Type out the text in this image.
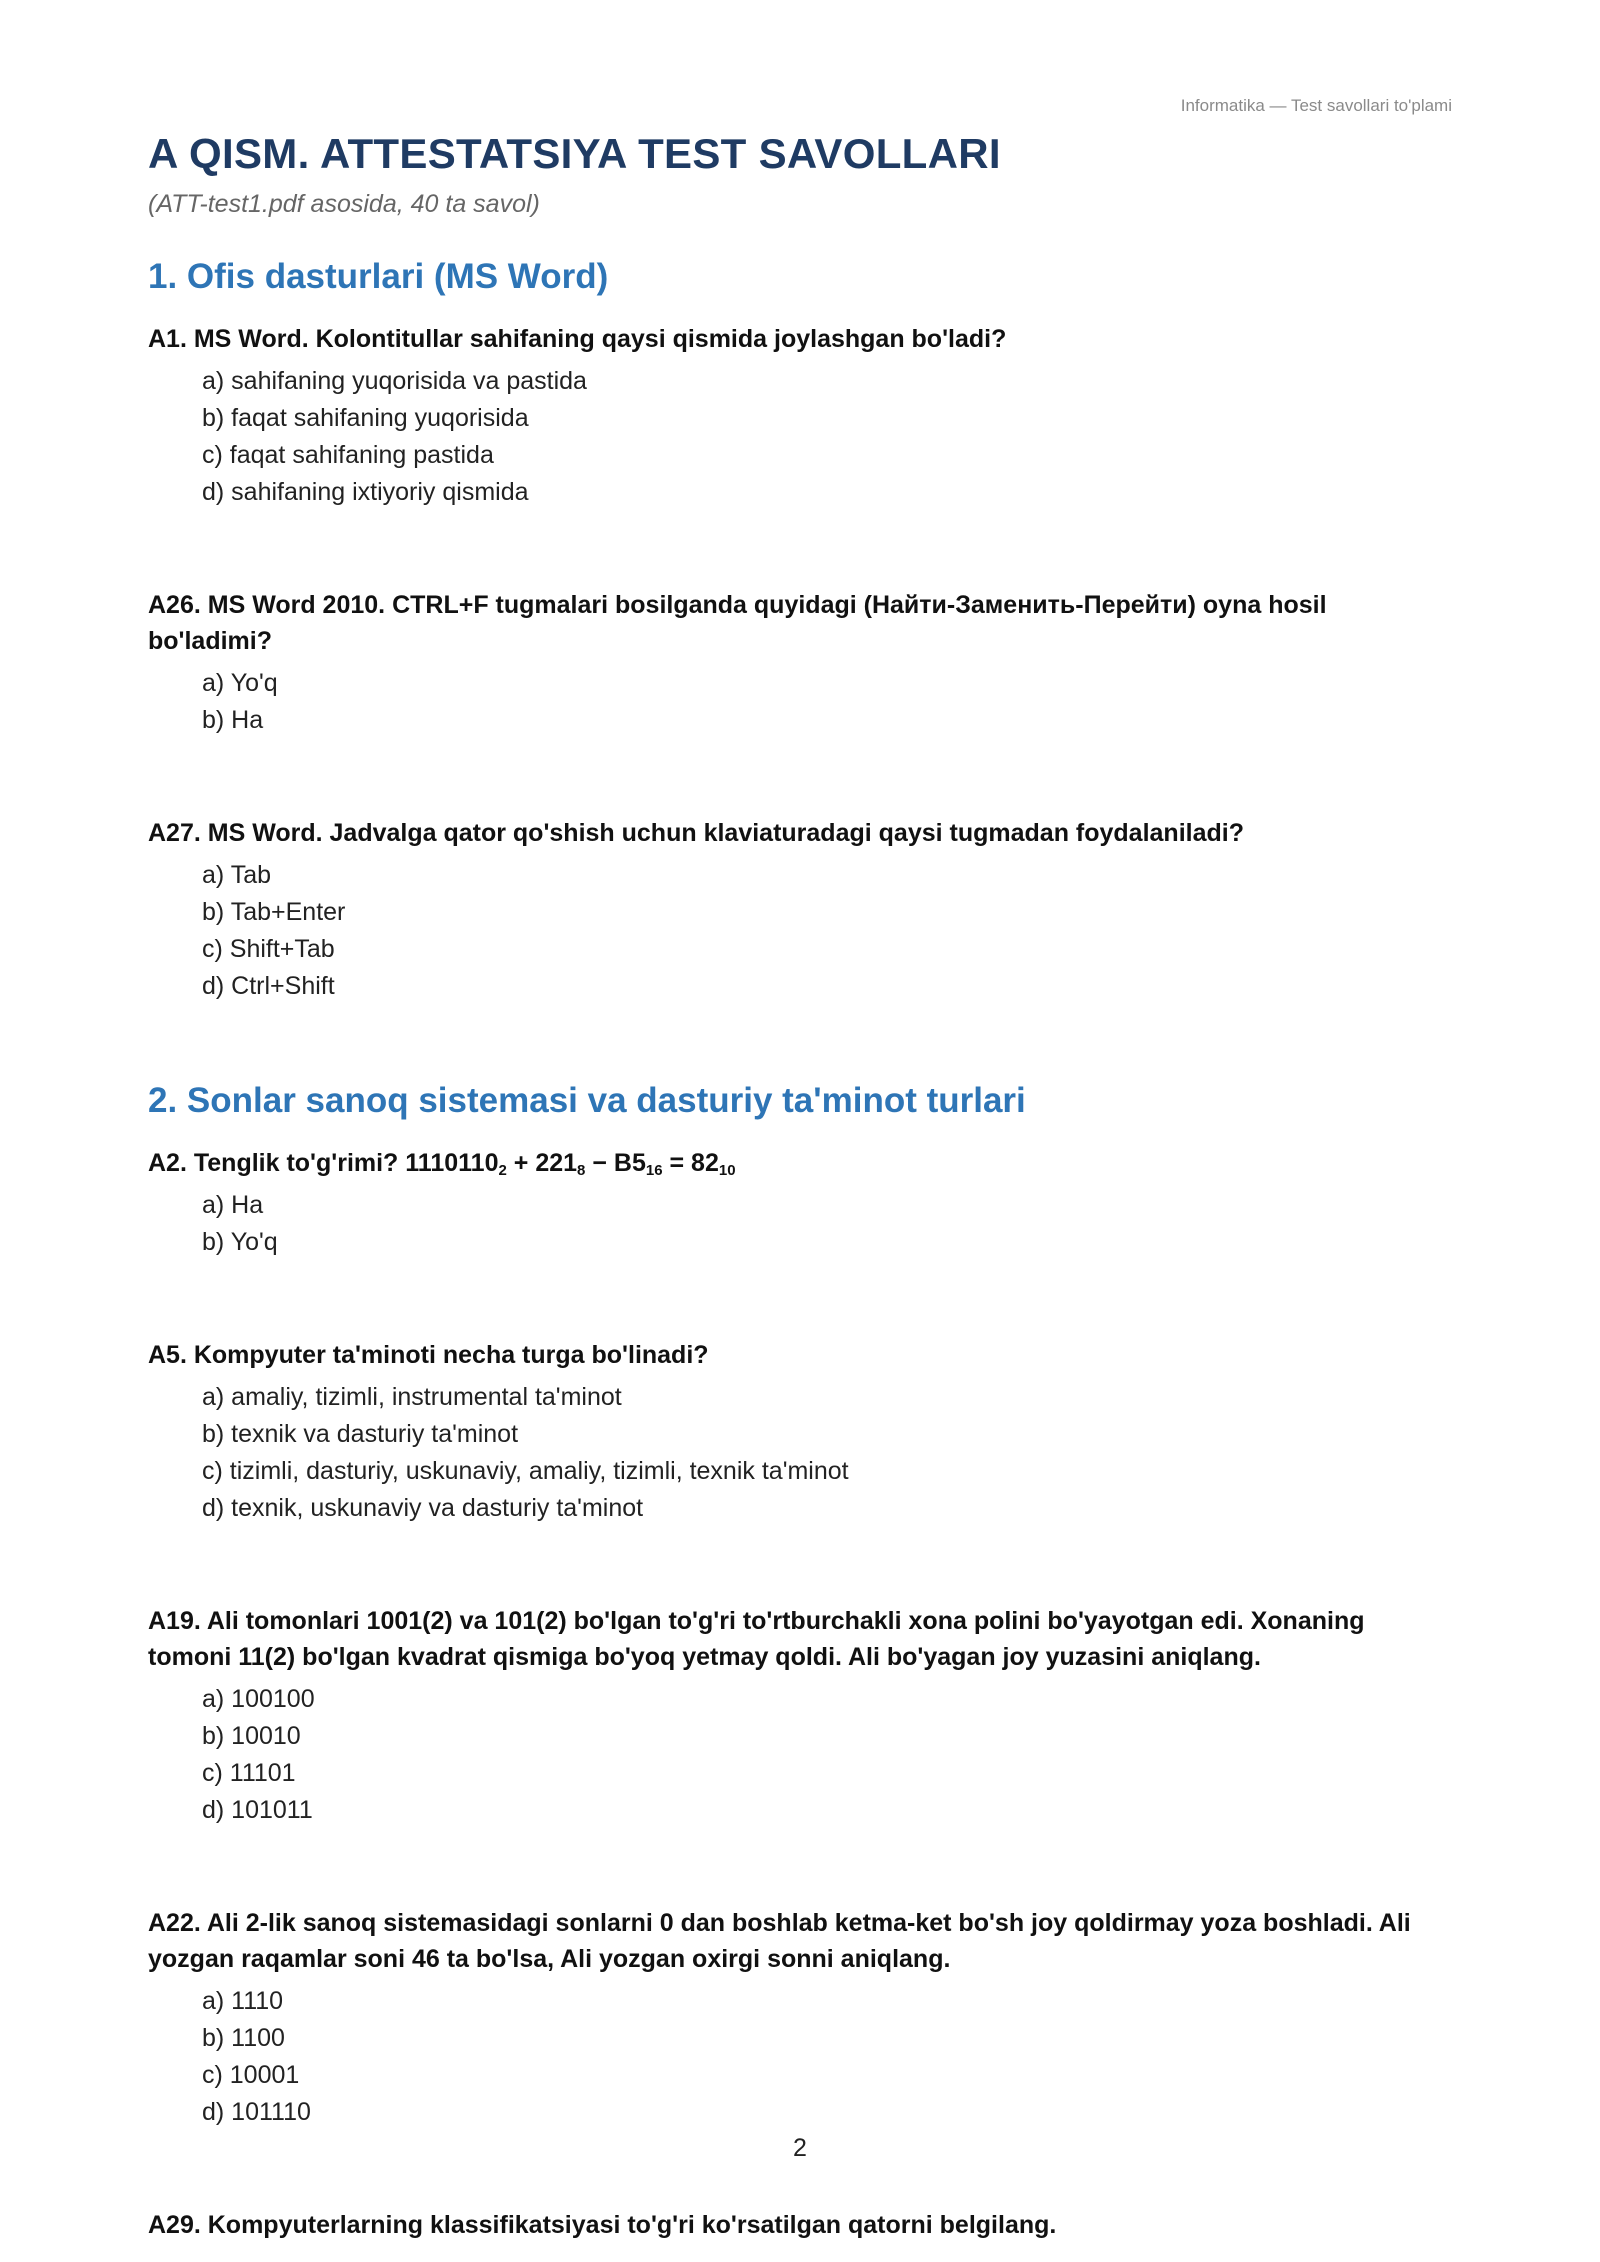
Informatika — Test savollari to'plami
A QISM. ATTESTATSIYA TEST SAVOLLARI

(ATT-test1.pdf asosida, 40 ta savol)

1. Ofis dasturlari (MS Word)

A1. MS Word. Kolontitullar sahifaning qaysi qismida joylashgan bo'ladi?

a) sahifaning yuqorisida va pastida
b) faqat sahifaning yuqorisida
c) faqat sahifaning pastida
d) sahifaning ixtiyoriy qismida

A26. MS Word 2010. CTRL+F tugmalari bosilganda quyidagi (Найти-Заменить-Перейти) oyna hosil bo'ladimi?

a) Yo'q
b) Ha

A27. MS Word. Jadvalga qator qo'shish uchun klaviaturadagi qaysi tugmadan foydalaniladi?

a) Tab
b) Tab+Enter
c) Shift+Tab
d) Ctrl+Shift
2. Sonlar sanoq sistemasi va dasturiy ta'minot turlari

A2. Tenglik to'g'rimi? $1110110_2 + 221_8 - B5_{16} = 82_{10}$

a) Ha
b) Yo'q

A5. Kompyuter ta'minoti necha turga bo'linadi?

a) amaliy, tizimli, instrumental ta'minot
b) texnik va dasturiy ta'minot
c) tizimli, dasturiy, uskunaviy, amaliy, tizimli, texnik ta'minot
d) texnik, uskunaviy va dasturiy ta'minot

A19. Ali tomonlari 1001(2) va 101(2) bo'lgan to'g'ri to'rtburchakli xona polini bo'yayotgan edi. Xonaning tomoni 11(2) bo'lgan kvadrat qismiga bo'yoq yetmay qoldi. Ali bo'yagan joy yuzasini aniqlang.

a) 100100
b) 10010
c) 11101
d) 101011

A22. Ali 2-lik sanoq sistemasidagi sonlarni 0 dan boshlab ketma-ket bo'sh joy qoldirmay yoza boshladi. Ali yozgan raqamlar soni 46 ta bo'lsa, Ali yozgan oxirgi sonni aniqlang.

a) 1110
b) 1100
c) 10001
d) 101110

A29. Kompyuterlarning klassifikatsiyasi to'g'ri ko'rsatilgan qatorni belgilang.

2
